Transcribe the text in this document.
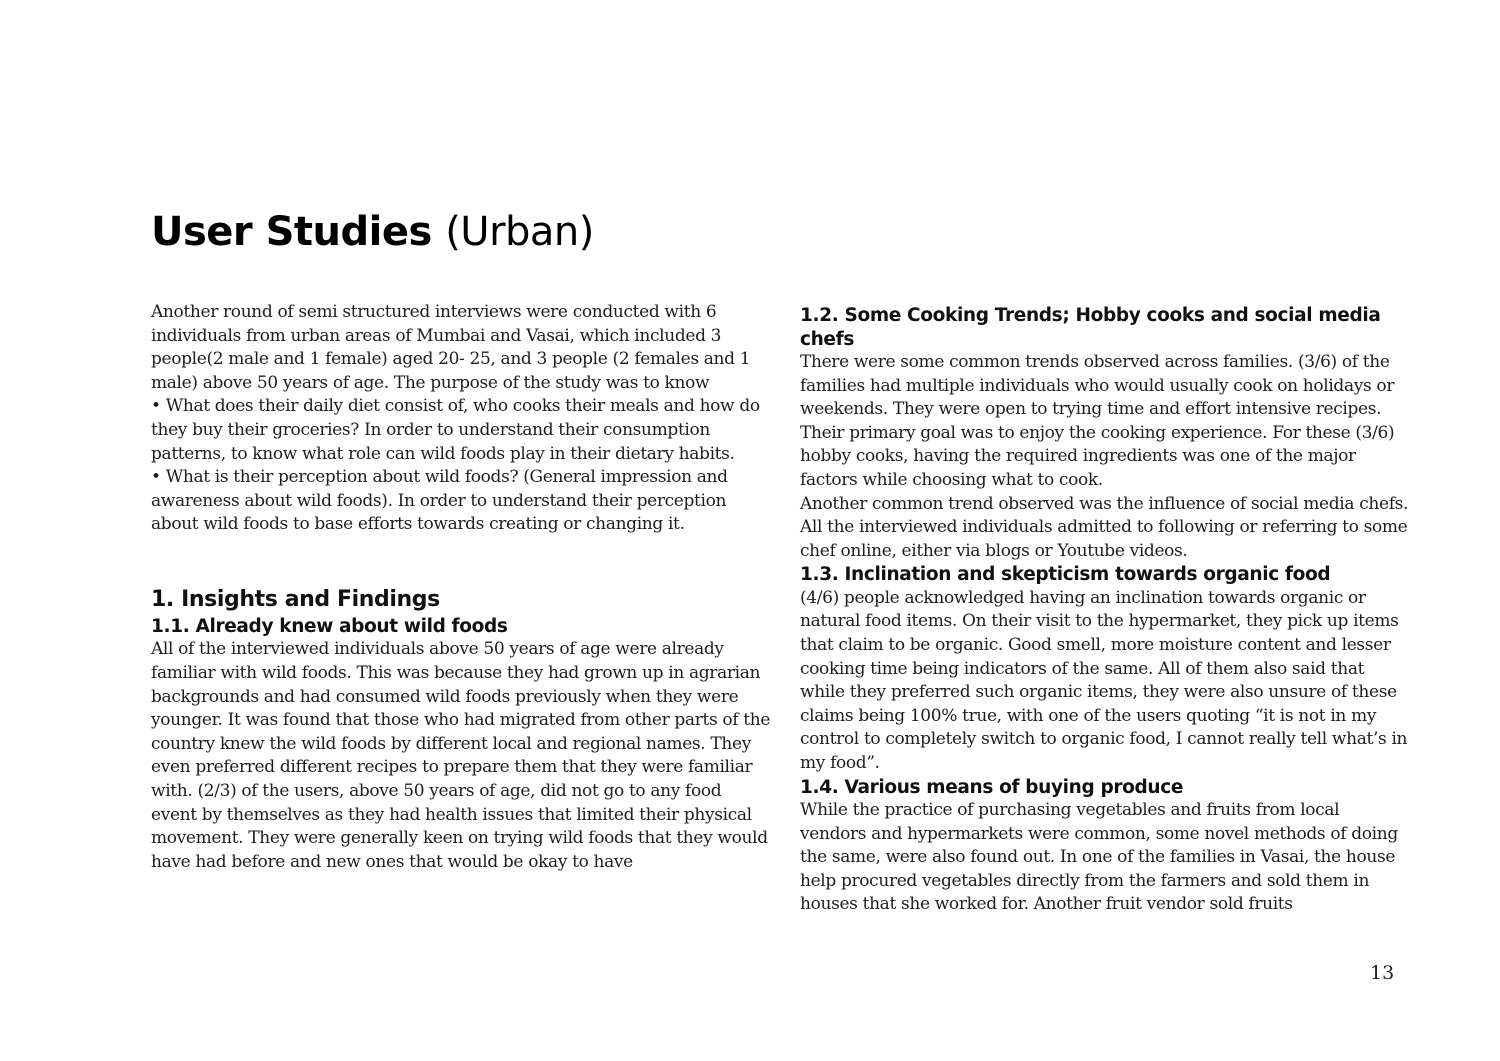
User Studies (Urban)

Another round of semi structured interviews were conducted with 6 individuals from urban areas of Mumbai and Vasai, which included 3 people(2 male and 1 female) aged 20- 25, and 3 people (2 females and 1 male) above 50 years of age. The purpose of the study was to know

• What does their daily diet consist of, who cooks their meals and how do they buy their groceries? In order to understand their consumption patterns, to know what role can wild foods play in their dietary habits.

• What is their perception about wild foods? (General impression and awareness about wild foods). In order to understand their perception about wild foods to base efforts towards creating or changing it.

1. Insights and Findings
1.1. Already knew about wild foods

All of the interviewed individuals above 50 years of age were already familiar with wild foods. This was because they had grown up in agrarian backgrounds and had consumed wild foods previously when they were younger. It was found that those who had migrated from other parts of the country knew the wild foods by different local and regional names. They even preferred different recipes to prepare them that they were familiar with. (2/3) of the users, above 50 years of age, did not go to any food event by themselves as they had health issues that limited their physical movement. They were generally keen on trying wild foods that they would have had before and new ones that would be okay to have

1.2. Some Cooking Trends; Hobby cooks and social media chefs

There were some common trends observed across families. (3/6) of the families had multiple individuals who would usually cook on holidays or weekends. They were open to trying time and effort intensive recipes. Their primary goal was to enjoy the cooking experience. For these (3/6) hobby cooks, having the required ingredients was one of the major factors while choosing what to cook.

Another common trend observed was the influence of social media chefs. All the interviewed individuals admitted to following or referring to some chef online, either via blogs or Youtube videos.

1.3. Inclination and skepticism towards organic food

(4/6) people acknowledged having an inclination towards organic or natural food items. On their visit to the hypermarket, they pick up items that claim to be organic. Good smell, more moisture content and lesser cooking time being indicators of the same. All of them also said that while they preferred such organic items, they were also unsure of these claims being 100% true, with one of the users quoting “it is not in my control to completely switch to organic food, I cannot really tell what’s in my food”.

1.4. Various means of buying produce

While the practice of purchasing vegetables and fruits from local vendors and hypermarkets were common, some novel methods of doing the same, were also found out. In one of the families in Vasai, the house help procured vegetables directly from the farmers and sold them in houses that she worked for. Another fruit vendor sold fruits

13
